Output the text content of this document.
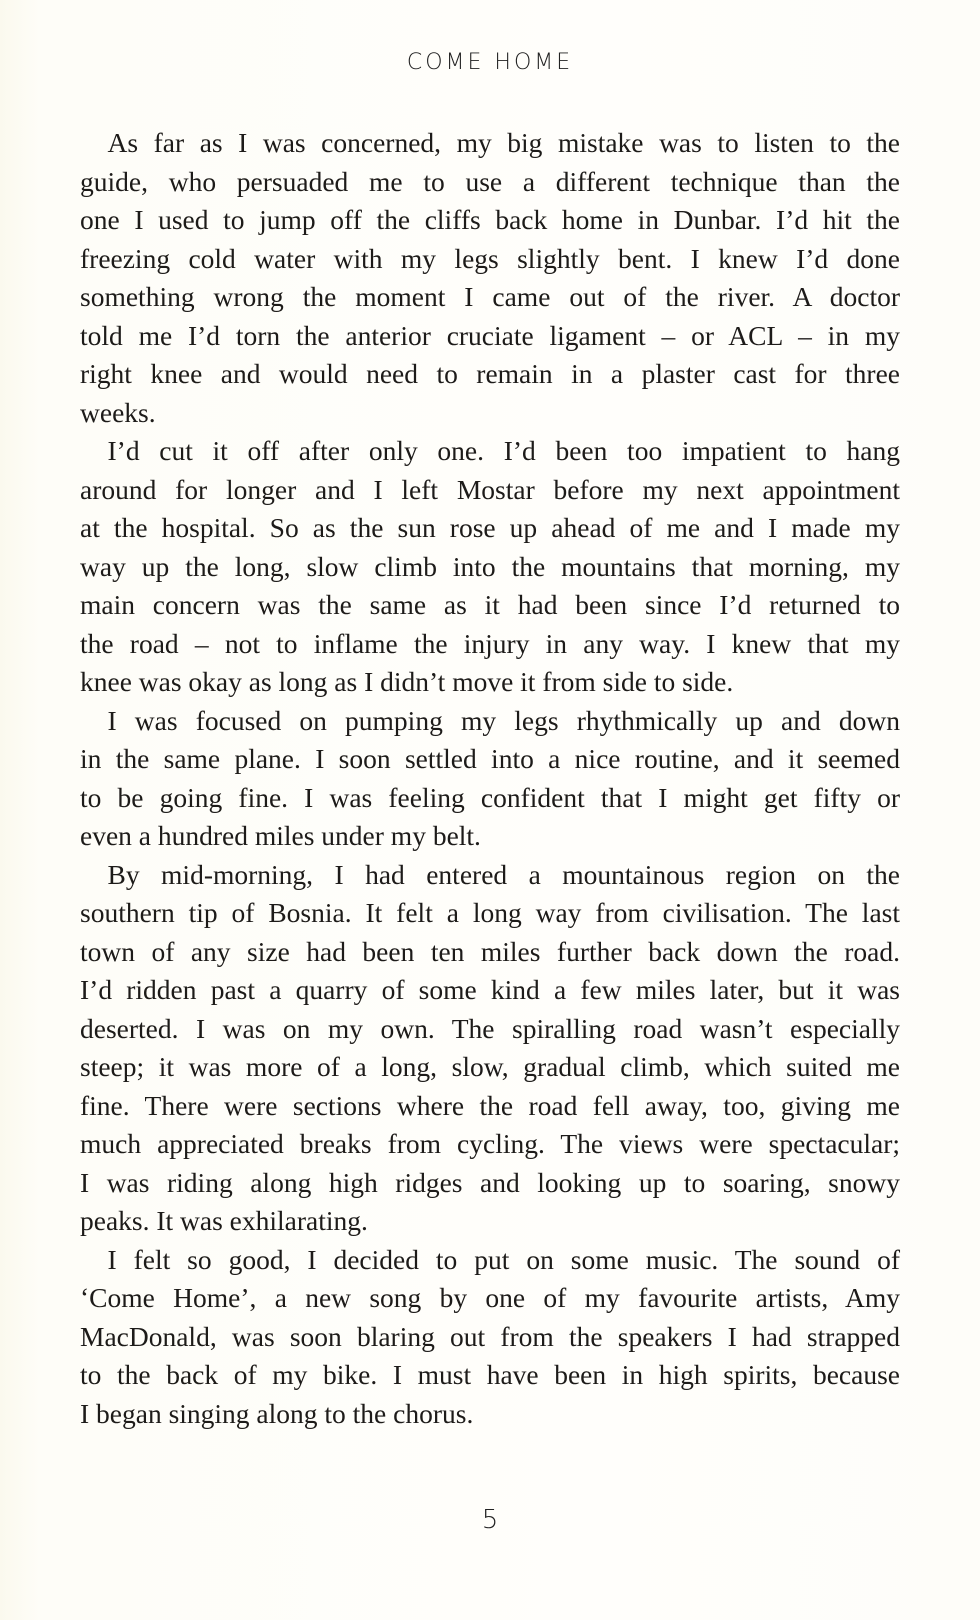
COME HOME

 As far as I was concerned, my big mistake was to listen to the
guide, who persuaded me to use a different technique than the
one I used to jump off the cliffs back home in Dunbar. I’d hit the
freezing cold water with my legs slightly bent. I knew I’d done
something wrong the moment I came out of the river. A doctor
told me I’d torn the anterior cruciate ligament – or ACL – in my
right knee and would need to remain in a plaster cast for three
weeks.

 I’d cut it off after only one. I’d been too impatient to hang
around for longer and I left Mostar before my next appointment
at the hospital. So as the sun rose up ahead of me and I made my
way up the long, slow climb into the mountains that morning, my
main concern was the same as it had been since I’d returned to
the road – not to inflame the injury in any way. I knew that my
knee was okay as long as I didn’t move it from side to side.

 I was focused on pumping my legs rhythmically up and down
in the same plane. I soon settled into a nice routine, and it seemed
to be going fine. I was feeling confident that I might get fifty or
even a hundred miles under my belt.

 By mid-morning, I had entered a mountainous region on the
southern tip of Bosnia. It felt a long way from civilisation. The last
town of any size had been ten miles further back down the road.
I’d ridden past a quarry of some kind a few miles later, but it was
deserted. I was on my own. The spiralling road wasn’t especially
steep; it was more of a long, slow, gradual climb, which suited me
fine. There were sections where the road fell away, too, giving me
much appreciated breaks from cycling. The views were spectacular;
I was riding along high ridges and looking up to soaring, snowy
peaks. It was exhilarating.

 I felt so good, I decided to put on some music. The sound of
‘Come Home’, a new song by one of my favourite artists, Amy
MacDonald, was soon blaring out from the speakers I had strapped
to the back of my bike. I must have been in high spirits, because
I began singing along to the chorus.

5
